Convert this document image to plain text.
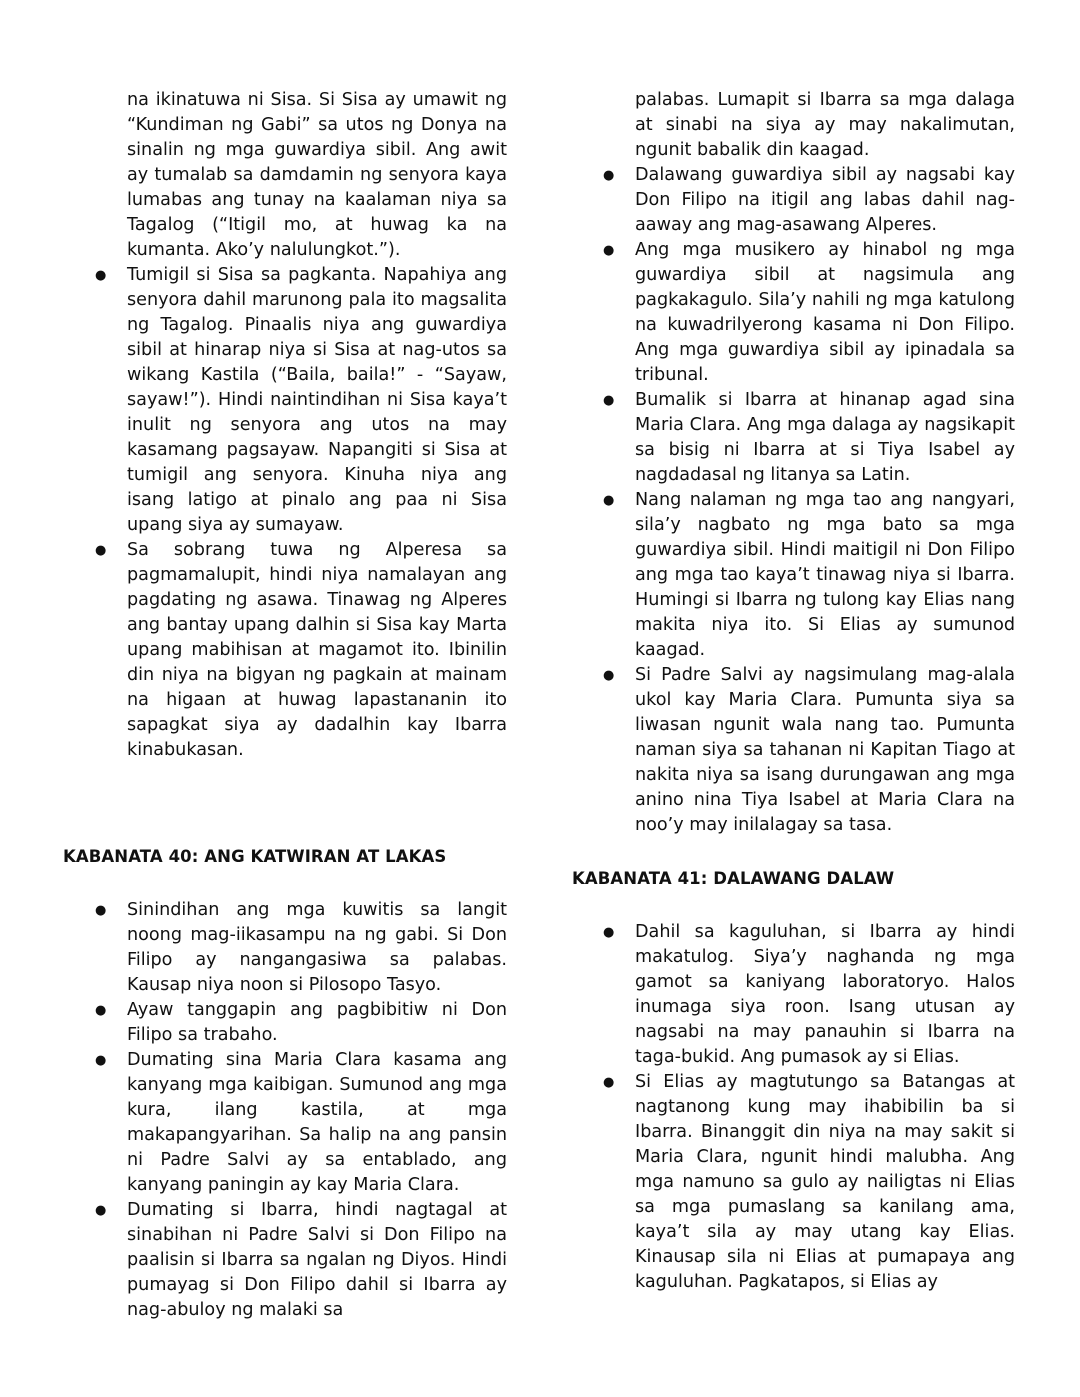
na ikinatuwa ni Sisa. Si Sisa ay umawit ng “Kundiman ng Gabi” sa utos ng Donya na sinalin ng mga guwardiya sibil. Ang awit ay tumalab sa damdamin ng senyora kaya lumabas ang tunay na kaalaman niya sa Tagalog (“Itigil mo, at huwag ka na kumanta. Ako’y nalulungkot.”).
● Tumigil si Sisa sa pagkanta. Napahiya ang senyora dahil marunong pala ito magsalita ng Tagalog. Pinaalis niya ang guwardiya sibil at hinarap niya si Sisa at nag-utos sa wikang Kastila (“Baila, baila!” - “Sayaw, sayaw!”). Hindi naintindihan ni Sisa kaya’t inulit ng senyora ang utos na may kasamang pagsayaw. Napangiti si Sisa at tumigil ang senyora. Kinuha niya ang isang latigo at pinalo ang paa ni Sisa upang siya ay sumayaw.
● Sa sobrang tuwa ng Alperesa sa pagmamalupit, hindi niya namalayan ang pagdating ng asawa. Tinawag ng Alperes ang bantay upang dalhin si Sisa kay Marta upang mabihisan at magamot ito. Ibinilin din niya na bigyan ng pagkain at mainam na higaan at huwag lapastananin ito sapagkat siya ay dadalhin kay Ibarra kinabukasan.
KABANATA 40: ANG KATWIRAN AT LAKAS
● Sinindihan ang mga kuwitis sa langit noong mag-iikasampu na ng gabi. Si Don Filipo ay nangangasiwa sa palabas. Kausap niya noon si Pilosopo Tasyo.
● Ayaw tanggapin ang pagbibitiw ni Don Filipo sa trabaho.
● Dumating sina Maria Clara kasama ang kanyang mga kaibigan. Sumunod ang mga kura, ilang kastila, at mga makapangyarihan. Sa halip na ang pansin ni Padre Salvi ay sa entablado, ang kanyang paningin ay kay Maria Clara.
● Dumating si Ibarra, hindi nagtagal at sinabihan ni Padre Salvi si Don Filipo na paalisin si Ibarra sa ngalan ng Diyos. Hindi pumayag si Don Filipo dahil si Ibarra ay nag-abuloy ng malaki sa
palabas. Lumapit si Ibarra sa mga dalaga at sinabi na siya ay may nakalimutan, ngunit babalik din kaagad.
● Dalawang guwardiya sibil ay nagsabi kay Don Filipo na itigil ang labas dahil nag-aaway ang mag-asawang Alperes.
● Ang mga musikero ay hinabol ng mga guwardiya sibil at nagsimula ang pagkakagulo. Sila’y nahili ng mga katulong na kuwadrilyerong kasama ni Don Filipo. Ang mga guwardiya sibil ay ipinadala sa tribunal.
● Bumalik si Ibarra at hinanap agad sina Maria Clara. Ang mga dalaga ay nagsikapit sa bisig ni Ibarra at si Tiya Isabel ay nagdadasal ng litanya sa Latin.
● Nang nalaman ng mga tao ang nangyari, sila’y nagbato ng mga bato sa mga guwardiya sibil. Hindi maitigil ni Don Filipo ang mga tao kaya’t tinawag niya si Ibarra. Humingi si Ibarra ng tulong kay Elias nang makita niya ito. Si Elias ay sumunod kaagad.
● Si Padre Salvi ay nagsimulang mag-alala ukol kay Maria Clara. Pumunta siya sa liwasan ngunit wala nang tao. Pumunta naman siya sa tahanan ni Kapitan Tiago at nakita niya sa isang durungawan ang mga anino nina Tiya Isabel at Maria Clara na noo’y may inilalagay sa tasa.
KABANATA 41: DALAWANG DALAW
● Dahil sa kaguluhan, si Ibarra ay hindi makatulog. Siya’y naghanda ng mga gamot sa kaniyang laboratoryo. Halos inumaga siya roon. Isang utusan ay nagsabi na may panauhin si Ibarra na taga-bukid. Ang pumasok ay si Elias.
● Si Elias ay magtutungo sa Batangas at nagtanong kung may ihabibilin ba si Ibarra. Binanggit din niya na may sakit si Maria Clara, ngunit hindi malubha. Ang mga namuno sa gulo ay nailigtas ni Elias sa mga pumaslang sa kanilang ama, kaya’t sila ay may utang kay Elias. Kinausap sila ni Elias at pumapaya ang kaguluhan. Pagkatapos, si Elias ay
